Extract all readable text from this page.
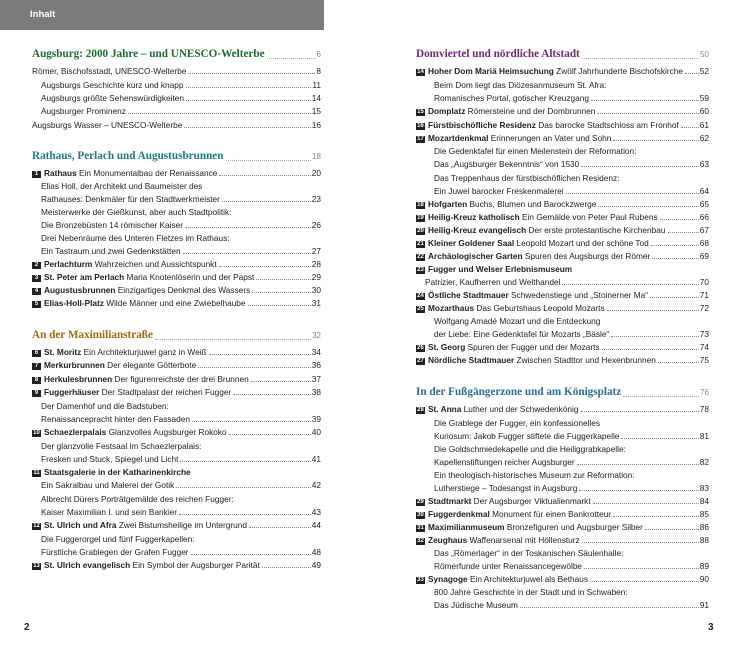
Inhalt
Augsburg: 2000 Jahre – und UNESCO-Welterbe	6
Römer, Bischofsstadt, UNESCO-Welterbe	8
Augsburgs Geschichte kurz und knapp	11
Augsburgs größte Sehenswürdigkeiten	14
Augsburger Prominenz	15
Augsburgs Wasser – UNESCO-Welterbe	16
Rathaus, Perlach und Augustusbrunnen	18
1 Rathaus Ein Monumentalbau der Renaissance	20
Elias Holl, der Architekt und Baumeister des
Rathauses: Denkmäler für den Stadtwerkmeister	23
Meisterwerke der Gießkunst, aber auch Stadtpolitik:
Die Bronzebüsten 14 römischer Kaiser	26
Drei Nebenräume des Unteren Fletzes im Rathaus:
Ein Tastraum und zwei Gedenkstätten	27
2 Perlachturm Wahrzeichen und Aussichtspunkt	28
3 St. Peter am Perlach Maria Knotenlöserin und der Papst	29
4 Augustusbrunnen Einzigartiges Denkmal des Wassers	30
5 Elias-Holl-Platz Wilde Männer und eine Zwiebelhaube	31
An der Maximilianstraße	32
6 St. Moritz Ein Architekturjuwel ganz in Weiß	34
7 Merkurbrunnen Der elegante Götterbote	36
8 Herkulesbrunnen Der figurenreichste der drei Brunnen	37
9 Fuggerhäuser Der Stadtpalast der reichen Fugger	38
Der Damenhof und die Badstuben:
Renaissancepracht hinter den Fassaden	39
10 Schaezlerpalais Glanzvolles Augsburger Rokoko	40
Der glanzvolle Festsaal im Schaezlerpalais:
Fresken und Stuck, Spiegel und Licht	41
11 Staatsgalerie in der Katharinenkirche
Ein Sakralbau und Malerei der Gotik	42
Albrecht Dürers Porträtgemälde des reichen Fugger:
Kaiser Maximilian I. und sein Bankier	43
12 St. Ulrich und Afra Zwei Bistumsheilige im Untergrund	44
Die Fuggerorgel und fünf Fuggerkapellen:
Fürstliche Grablegen der Grafen Fugger	48
13 St. Ulrich evangelisch Ein Symbol der Augsburger Parität	49
2
Domviertel und nördliche Altstadt	50
14 Hoher Dom Mariä Heimsuchung Zwölf Jahrhunderte Bischofskirche 52
Beim Dom liegt das Diözesanmuseum St. Afra:
Romanisches Portal, gotischer Kreuzgang	59
15 Domplatz Römersteine und der Dombrunnen	60
16 Fürstbischöfliche Residenz Das barocke Stadtschloss am Fronhof	61
17 Mozartdenkmal Erinnerungen an Vater und Sohn	62
Die Gedenktafel für einen Meilenstein der Reformation:
Das „Augsburger Bekenntnis“ von 1530	63
Das Treppenhaus der fürstbischöflichen Residenz:
Ein Juwel barocker Freskenmalerei	64
18 Hofgarten Buchs, Blumen und Barockzwerge	65
19 Heilig-Kreuz katholisch Ein Gemälde von Peter Paul Rubens	66
20 Heilig-Kreuz evangelisch Der erste protestantische Kirchenbau	67
21 Kleiner Goldener Saal Leopold Mozart und der schöne Tod	68
22 Archäologischer Garten Spuren des Augsburgs der Römer	69
23 Fugger und Welser Erlebnismuseum
Patrizier, Kaufherren und Welthandel	70
24 Östliche Stadtmauer Schwedenstiege und „Stoinerner Ma“	71
25 Mozarthaus Das Geburtshaus Leopold Mozarts	72
Wolfgang Amadé Mozart und die Entdeckung
der Liebe: Eine Gedenktafel für Mozarts „Bäsle“	73
26 St. Georg Spuren der Fugger und der Mozarts	74
27 Nördliche Stadtmauer Zwischen Stadttor und Hexenbrunnen	75
In der Fußgängerzone und am Königsplatz	76
28 St. Anna Luther und der Schwedenkönig	78
Die Grablege der Fugger, ein konfessionelles
Kuriosum: Jakob Fugger stiftete die Fuggerkapelle	81
Die Goldschmiedekapelle und die Heiliggrabkapelle:
Kapellenstiftungen reicher Augsburger	82
Ein theologisch-historisches Museum zur Reformation:
Lutherstiege – Todesangst in Augsburg	83
29 Stadtmarkt Der Augsburger Viktualienmarkt	84
30 Fuggerdenkmal Monument für einen Bankrotteur	85
31 Maximilianmuseum Bronzefiguren und Augsburger Silber	86
32 Zeughaus Waffenarsenal mit Höllensturz	88
Das „Römerlager“ in der Toskanischen Säulenhalle:
Römerfunde unter Renaissancegewölbe	89
33 Synagoge Ein Architekturjuwel als Bethaus	90
800 Jahre Geschichte in der Stadt und in Schwaben:
Das Jüdische Museum	91
3
